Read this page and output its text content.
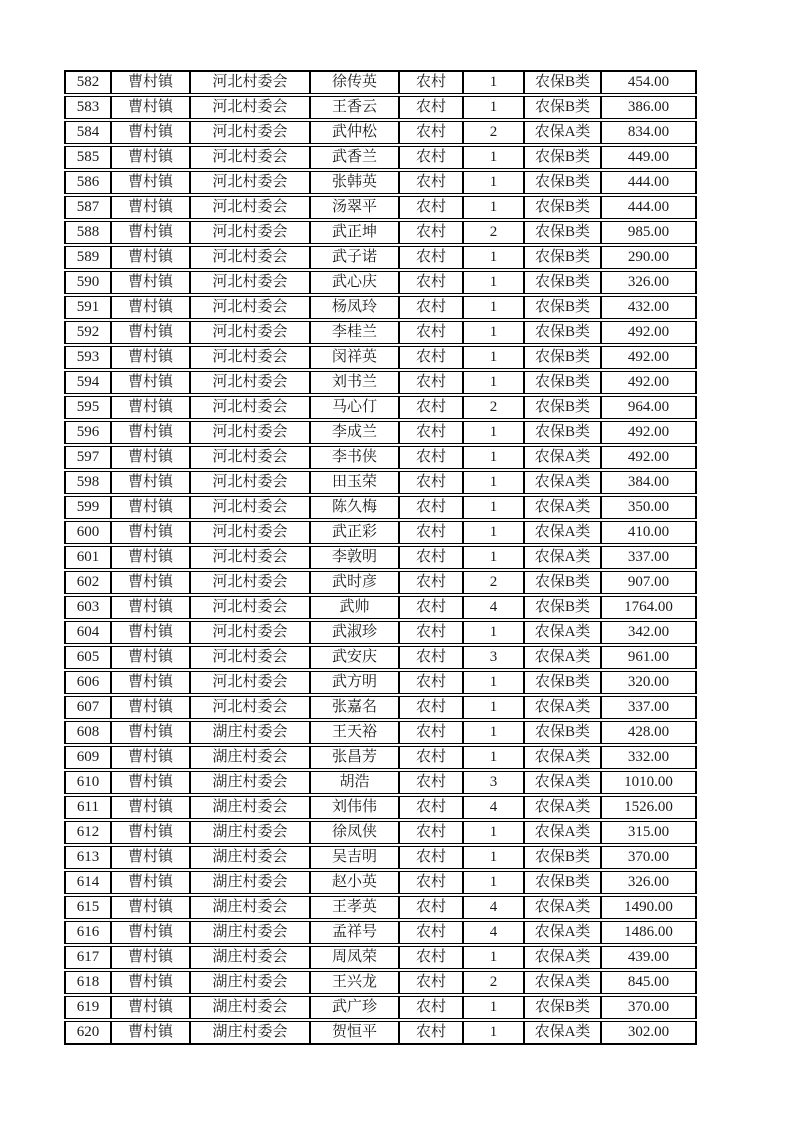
582	曹村镇	河北村委会	徐传英	农村	1	农保B类	454.00
583	曹村镇	河北村委会	王香云	农村	1	农保B类	386.00
584	曹村镇	河北村委会	武仲松	农村	2	农保A类	834.00
585	曹村镇	河北村委会	武香兰	农村	1	农保B类	449.00
586	曹村镇	河北村委会	张韩英	农村	1	农保B类	444.00
587	曹村镇	河北村委会	汤翠平	农村	1	农保B类	444.00
588	曹村镇	河北村委会	武正坤	农村	2	农保B类	985.00
589	曹村镇	河北村委会	武子诺	农村	1	农保B类	290.00
590	曹村镇	河北村委会	武心庆	农村	1	农保B类	326.00
591	曹村镇	河北村委会	杨凤玲	农村	1	农保B类	432.00
592	曹村镇	河北村委会	李桂兰	农村	1	农保B类	492.00
593	曹村镇	河北村委会	闵祥英	农村	1	农保B类	492.00
594	曹村镇	河北村委会	刘书兰	农村	1	农保B类	492.00
595	曹村镇	河北村委会	马心仃	农村	2	农保B类	964.00
596	曹村镇	河北村委会	李成兰	农村	1	农保B类	492.00
597	曹村镇	河北村委会	李书侠	农村	1	农保A类	492.00
598	曹村镇	河北村委会	田玉荣	农村	1	农保A类	384.00
599	曹村镇	河北村委会	陈久梅	农村	1	农保A类	350.00
600	曹村镇	河北村委会	武正彩	农村	1	农保A类	410.00
601	曹村镇	河北村委会	李敦明	农村	1	农保A类	337.00
602	曹村镇	河北村委会	武时彦	农村	2	农保B类	907.00
603	曹村镇	河北村委会	武帅	农村	4	农保B类	1764.00
604	曹村镇	河北村委会	武淑珍	农村	1	农保A类	342.00
605	曹村镇	河北村委会	武安庆	农村	3	农保A类	961.00
606	曹村镇	河北村委会	武方明	农村	1	农保B类	320.00
607	曹村镇	河北村委会	张嘉名	农村	1	农保A类	337.00
608	曹村镇	湖庄村委会	王天裕	农村	1	农保B类	428.00
609	曹村镇	湖庄村委会	张昌芳	农村	1	农保A类	332.00
610	曹村镇	湖庄村委会	胡浩	农村	3	农保A类	1010.00
611	曹村镇	湖庄村委会	刘伟伟	农村	4	农保A类	1526.00
612	曹村镇	湖庄村委会	徐凤侠	农村	1	农保A类	315.00
613	曹村镇	湖庄村委会	吴吉明	农村	1	农保B类	370.00
614	曹村镇	湖庄村委会	赵小英	农村	1	农保B类	326.00
615	曹村镇	湖庄村委会	王孝英	农村	4	农保A类	1490.00
616	曹村镇	湖庄村委会	孟祥号	农村	4	农保A类	1486.00
617	曹村镇	湖庄村委会	周凤荣	农村	1	农保A类	439.00
618	曹村镇	湖庄村委会	王兴龙	农村	2	农保A类	845.00
619	曹村镇	湖庄村委会	武广珍	农村	1	农保B类	370.00
620	曹村镇	湖庄村委会	贺恒平	农村	1	农保A类	302.00
